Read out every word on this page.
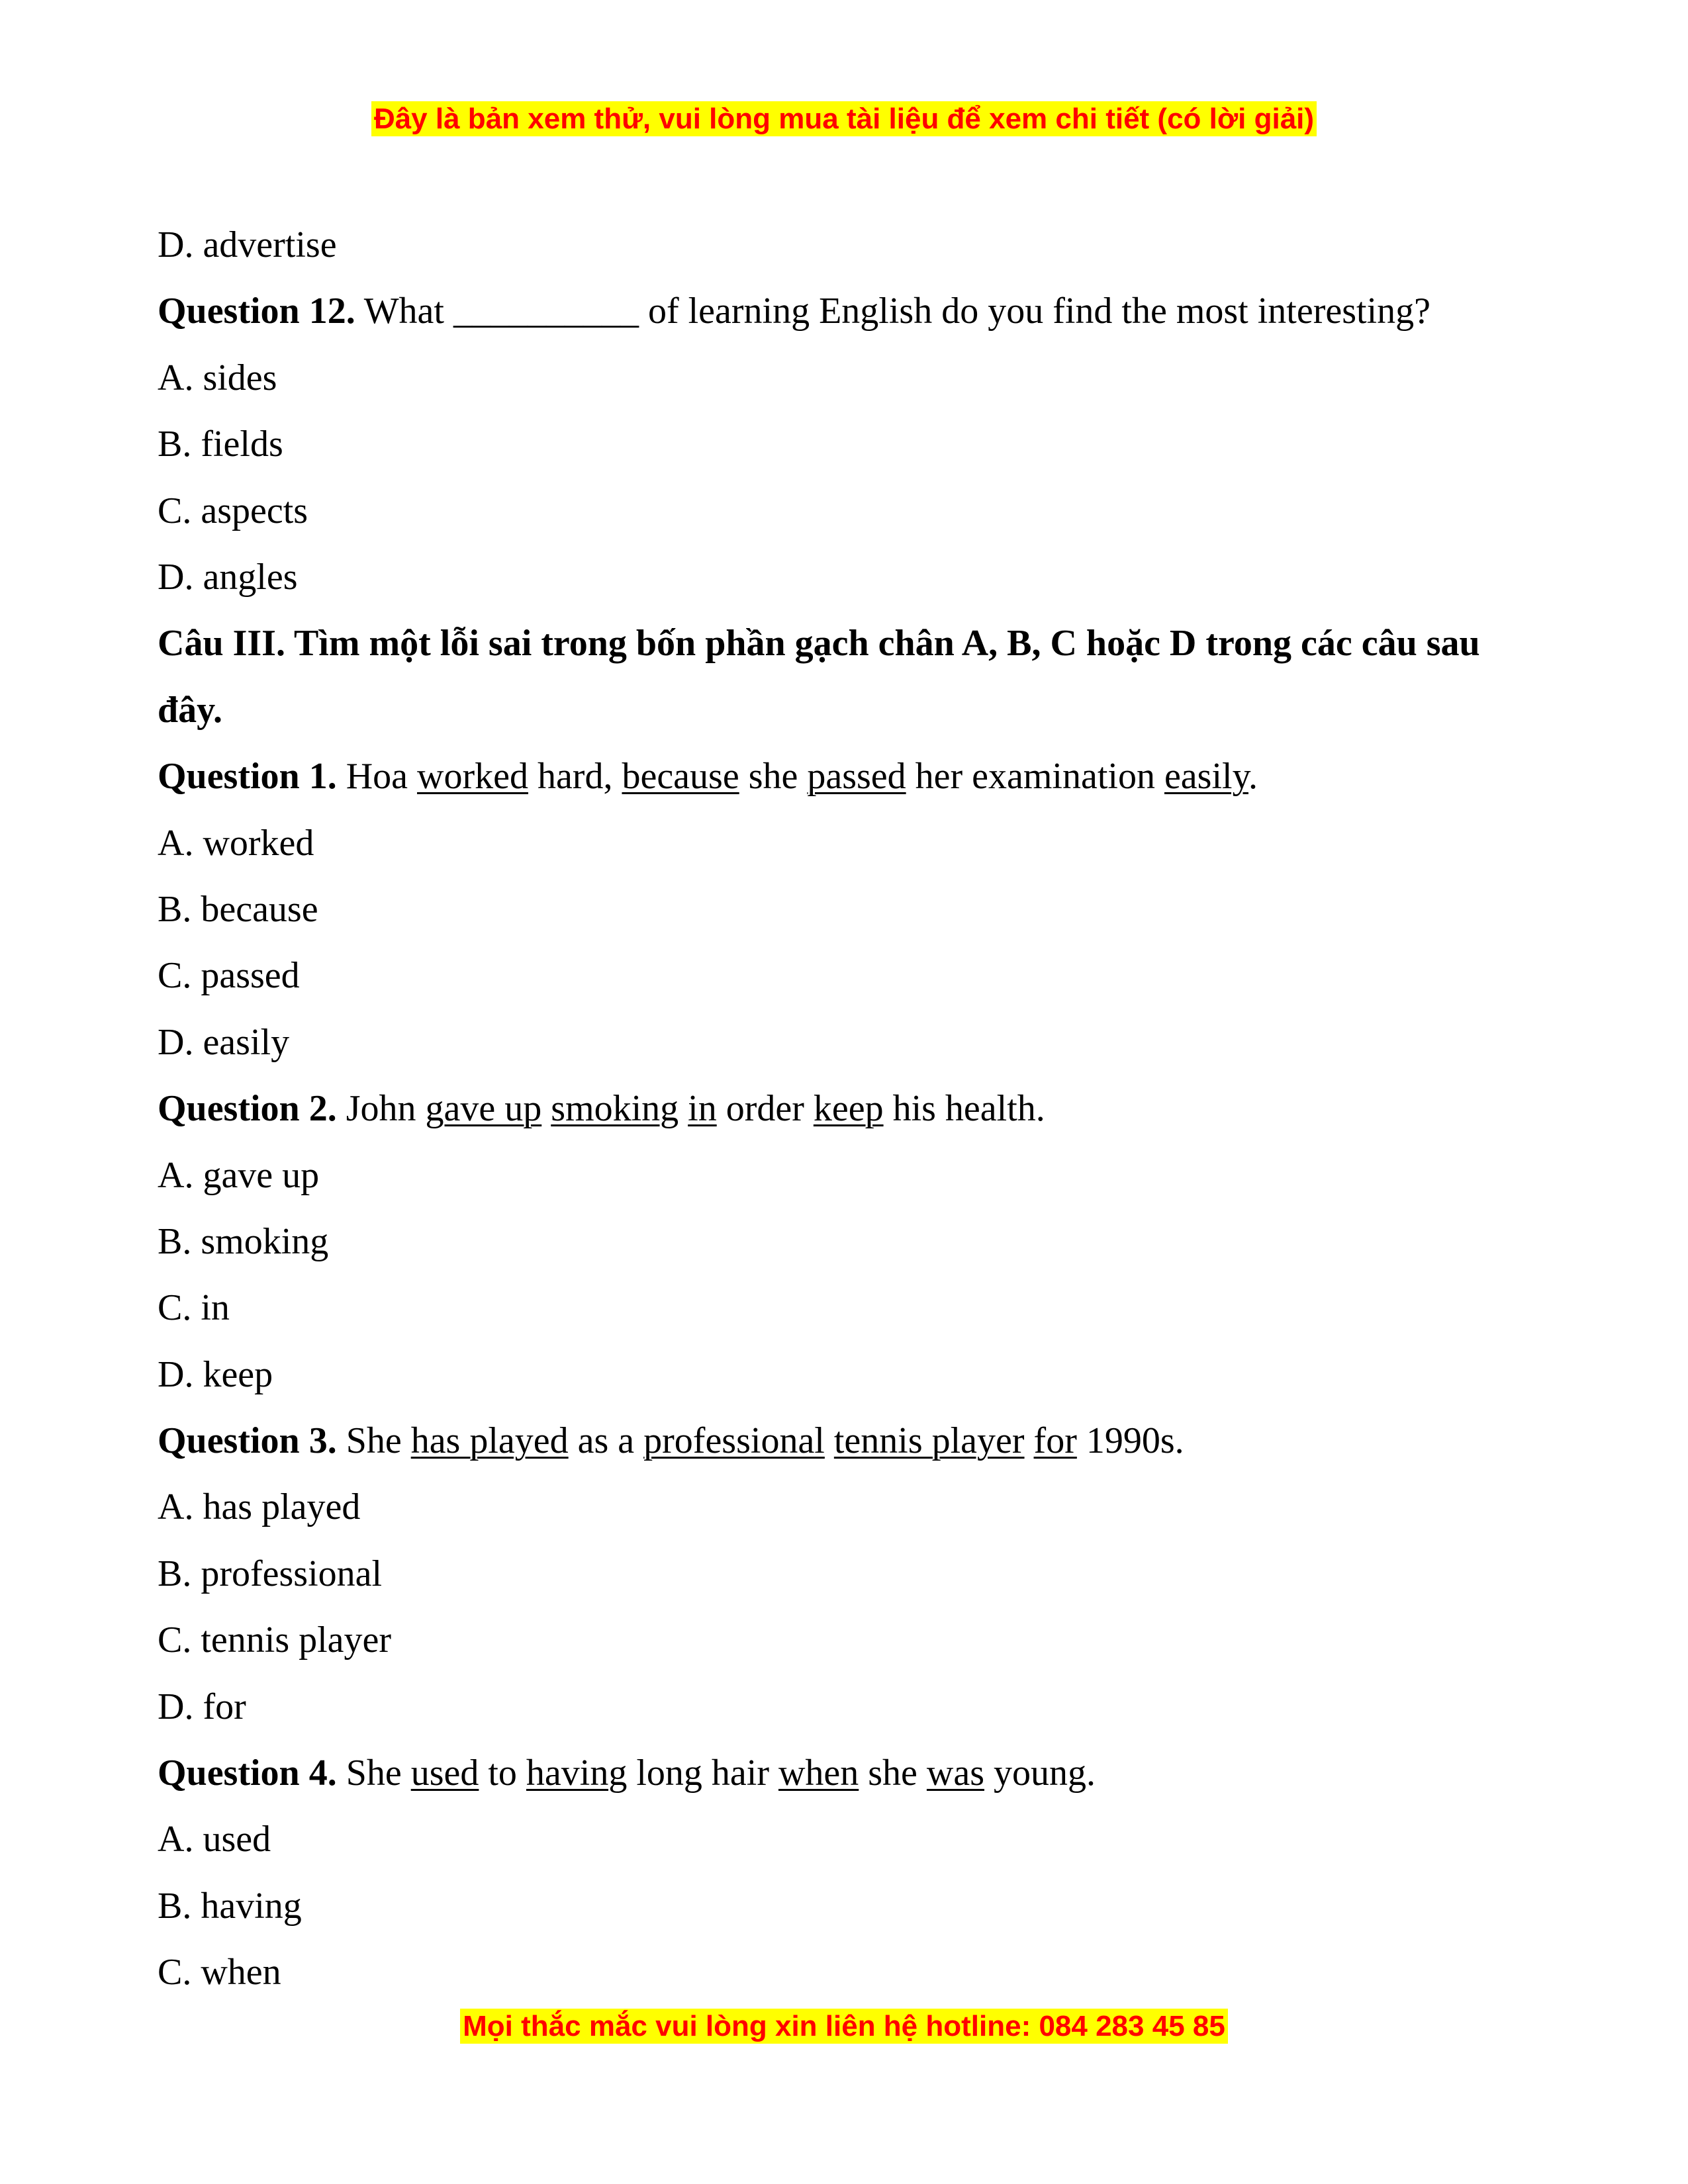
Đây là bản xem thử, vui lòng mua tài liệu để xem chi tiết (có lời giải)
D. advertise
Question 12. What __________ of learning English do you find the most interesting?
A. sides
B. fields
C. aspects
D. angles
Câu III. Tìm một lỗi sai trong bốn phần gạch chân A, B, C hoặc D trong các câu sau đây.
Question 1. Hoa worked hard, because she passed her examination easily.
A. worked
B. because
C. passed
D. easily
Question 2. John gave up smoking in order keep his health.
A. gave up
B. smoking
C. in
D. keep
Question 3. She has played as a professional tennis player for 1990s.
A. has played
B. professional
C. tennis player
D. for
Question 4. She used to having long hair when she was young.
A. used
B. having
C. when
Mọi thắc mắc vui lòng xin liên hệ hotline: 084 283 45 85
